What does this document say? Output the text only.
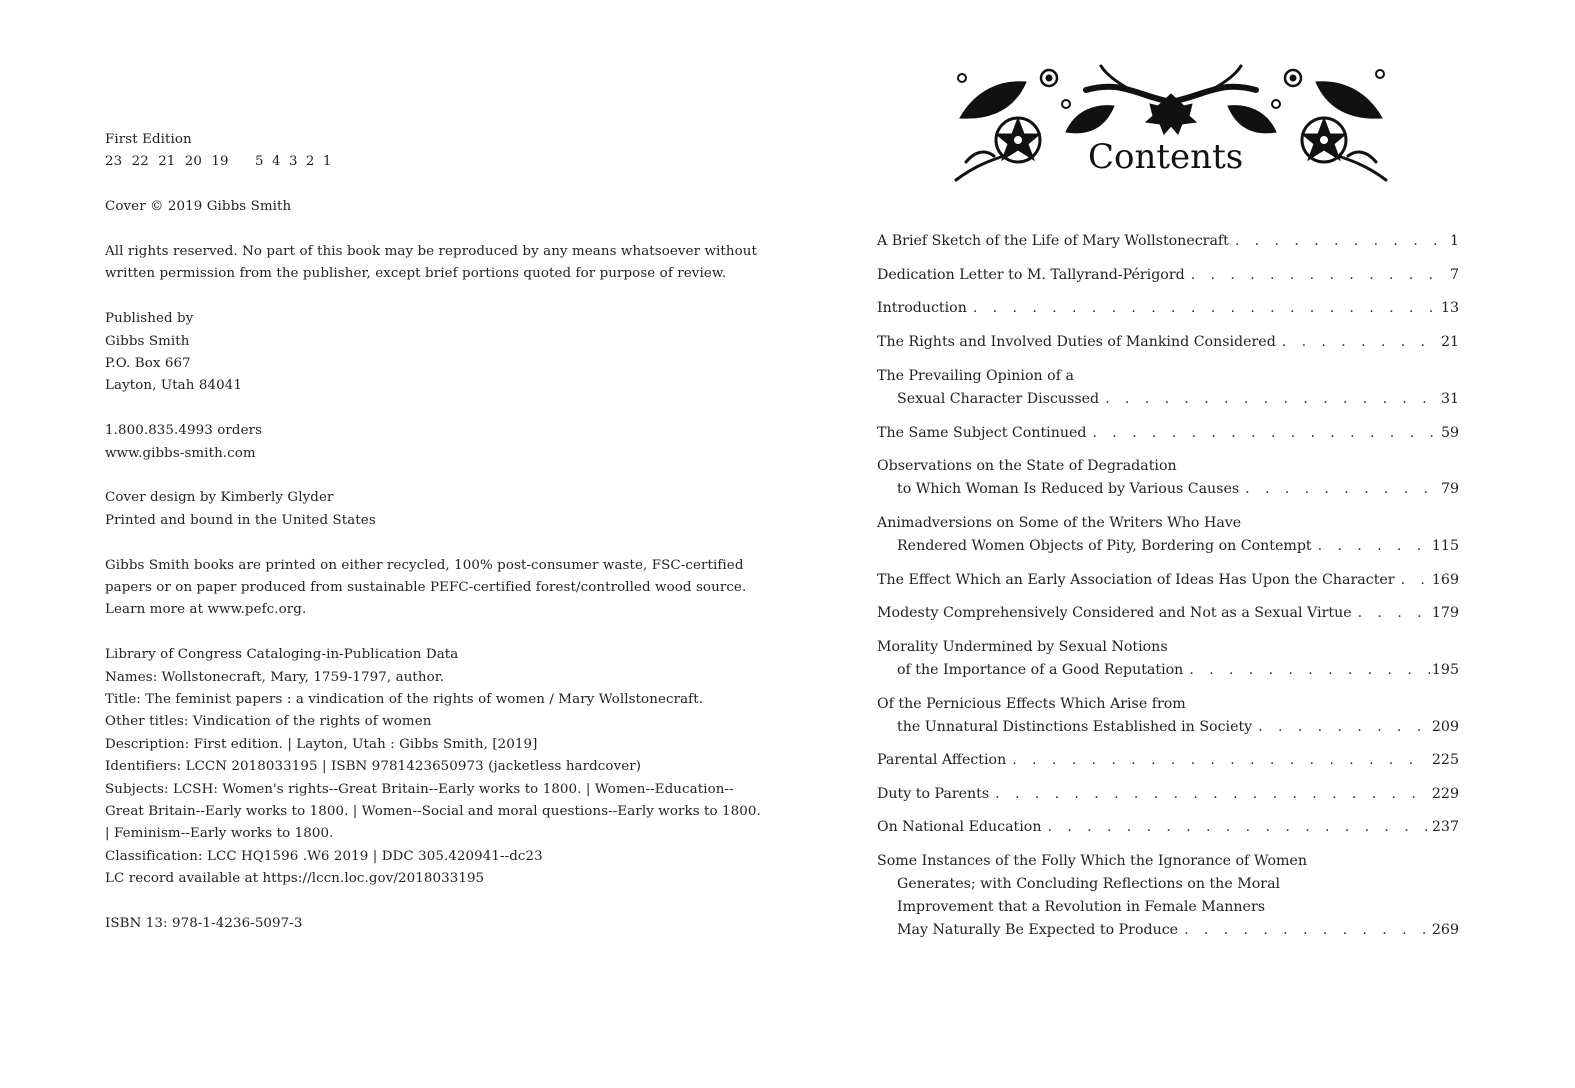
First Edition
23 22 21 20 19 5 4 3 2 1
Cover © 2019 Gibbs Smith
All rights reserved. No part of this book may be reproduced by any means whatsoever without
written permission from the publisher, except brief portions quoted for purpose of review.
Published by
Gibbs Smith
P.O. Box 667
Layton, Utah 84041
1.800.835.4993 orders
www.gibbs-smith.com
Cover design by Kimberly Glyder
Printed and bound in the United States
Gibbs Smith books are printed on either recycled, 100% post-consumer waste, FSC-certified
papers or on paper produced from sustainable PEFC-certified forest/controlled wood source.
Learn more at www.pefc.org.
Library of Congress Cataloging-in-Publication Data
Names: Wollstonecraft, Mary, 1759-1797, author.
Title: The feminist papers : a vindication of the rights of women / Mary Wollstonecraft.
Other titles: Vindication of the rights of women
Description: First edition. | Layton, Utah : Gibbs Smith, [2019]
Identifiers: LCCN 2018033195 | ISBN 9781423650973 (jacketless hardcover)
Subjects: LCSH: Women's rights--Great Britain--Early works to 1800. | Women--Education--
Great Britain--Early works to 1800. | Women--Social and moral questions--Early works to 1800.
| Feminism--Early works to 1800.
Classification: LCC HQ1596 .W6 2019 | DDC 305.420941--dc23
LC record available at https://lccn.loc.gov/2018033195
ISBN 13: 978-1-4236-5097-3
Contents
A Brief Sketch of the Life of Mary Wollstonecraft . . .	1
Dedication Letter to M. Tallyrand-Périgord . . .	7
Introduction . . .	13
The Rights and Involved Duties of Mankind Considered . . .	21
The Prevailing Opinion of a
Sexual Character Discussed . . .	31
The Same Subject Continued . . .	59
Observations on the State of Degradation
to Which Woman Is Reduced by Various Causes . . .	79
Animadversions on Some of the Writers Who Have
Rendered Women Objects of Pity, Bordering on Contempt . . .	115
The Effect Which an Early Association of Ideas Has Upon the Character . . .	169
Modesty Comprehensively Considered and Not as a Sexual Virtue . . .	179
Morality Undermined by Sexual Notions
of the Importance of a Good Reputation . . .	195
Of the Pernicious Effects Which Arise from
the Unnatural Distinctions Established in Society . . .	209
Parental Affection . . .	225
Duty to Parents . . .	229
On National Education . . .	237
Some Instances of the Folly Which the Ignorance of Women
Generates; with Concluding Reflections on the Moral
Improvement that a Revolution in Female Manners
May Naturally Be Expected to Produce . . .	269
